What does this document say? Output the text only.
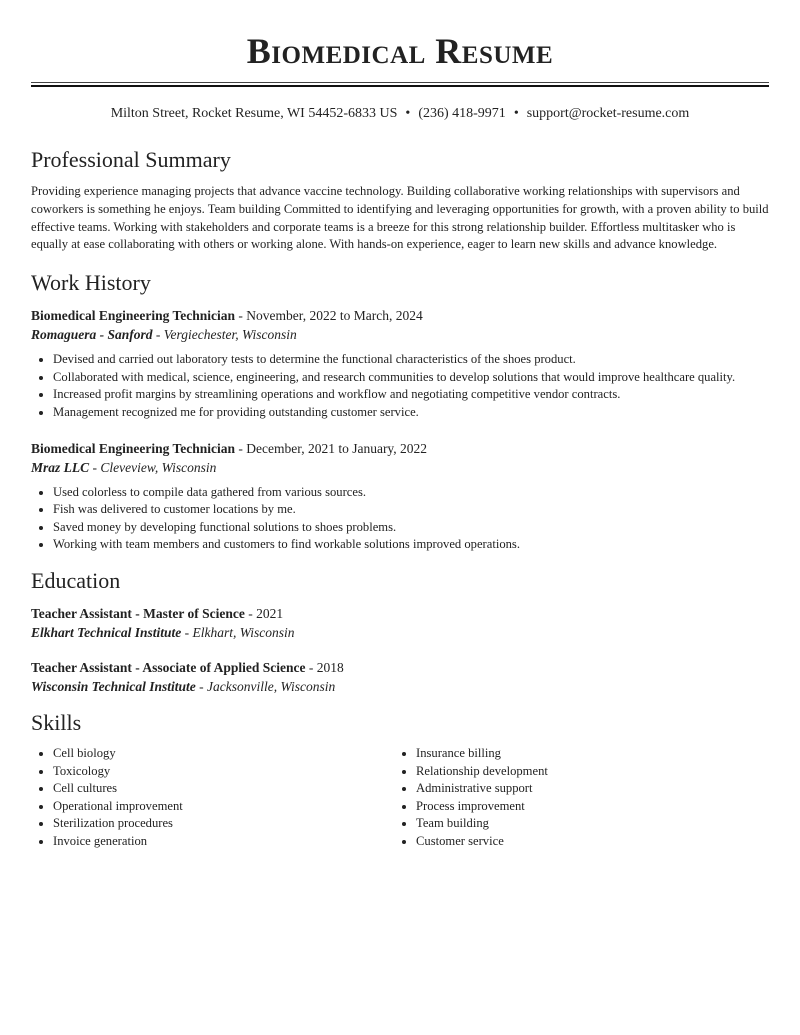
Biomedical Resume
Milton Street, Rocket Resume, WI 54452-6833 US • (236) 418-9971 • support@rocket-resume.com
Professional Summary

Providing experience managing projects that advance vaccine technology. Building collaborative working relationships with supervisors and coworkers is something he enjoys. Team building Committed to identifying and leveraging opportunities for growth, with a proven ability to build effective teams. Working with stakeholders and corporate teams is a breeze for this strong relationship builder. Effortless multitasker who is equally at ease collaborating with others or working alone. With hands-on experience, eager to learn new skills and advance knowledge.

Work History
Biomedical Engineering Technician - November, 2022 to March, 2024
Romaguera - Sanford - Vergiechester, Wisconsin
• Devised and carried out laboratory tests to determine the functional characteristics of the shoes product.
• Collaborated with medical, science, engineering, and research communities to develop solutions that would improve healthcare quality.
• Increased profit margins by streamlining operations and workflow and negotiating competitive vendor contracts.
• Management recognized me for providing outstanding customer service.
Biomedical Engineering Technician - December, 2021 to January, 2022
Mraz LLC - Cleveview, Wisconsin
• Used colorless to compile data gathered from various sources.
• Fish was delivered to customer locations by me.
• Saved money by developing functional solutions to shoes problems.
• Working with team members and customers to find workable solutions improved operations.
Education
Teacher Assistant - Master of Science - 2021
Elkhart Technical Institute - Elkhart, Wisconsin
Teacher Assistant - Associate of Applied Science - 2018
Wisconsin Technical Institute - Jacksonville, Wisconsin
Skills
• Cell biology
• Toxicology
• Cell cultures
• Operational improvement
• Sterilization procedures
• Invoice generation
• Insurance billing
• Relationship development
• Administrative support
• Process improvement
• Team building
• Customer service
